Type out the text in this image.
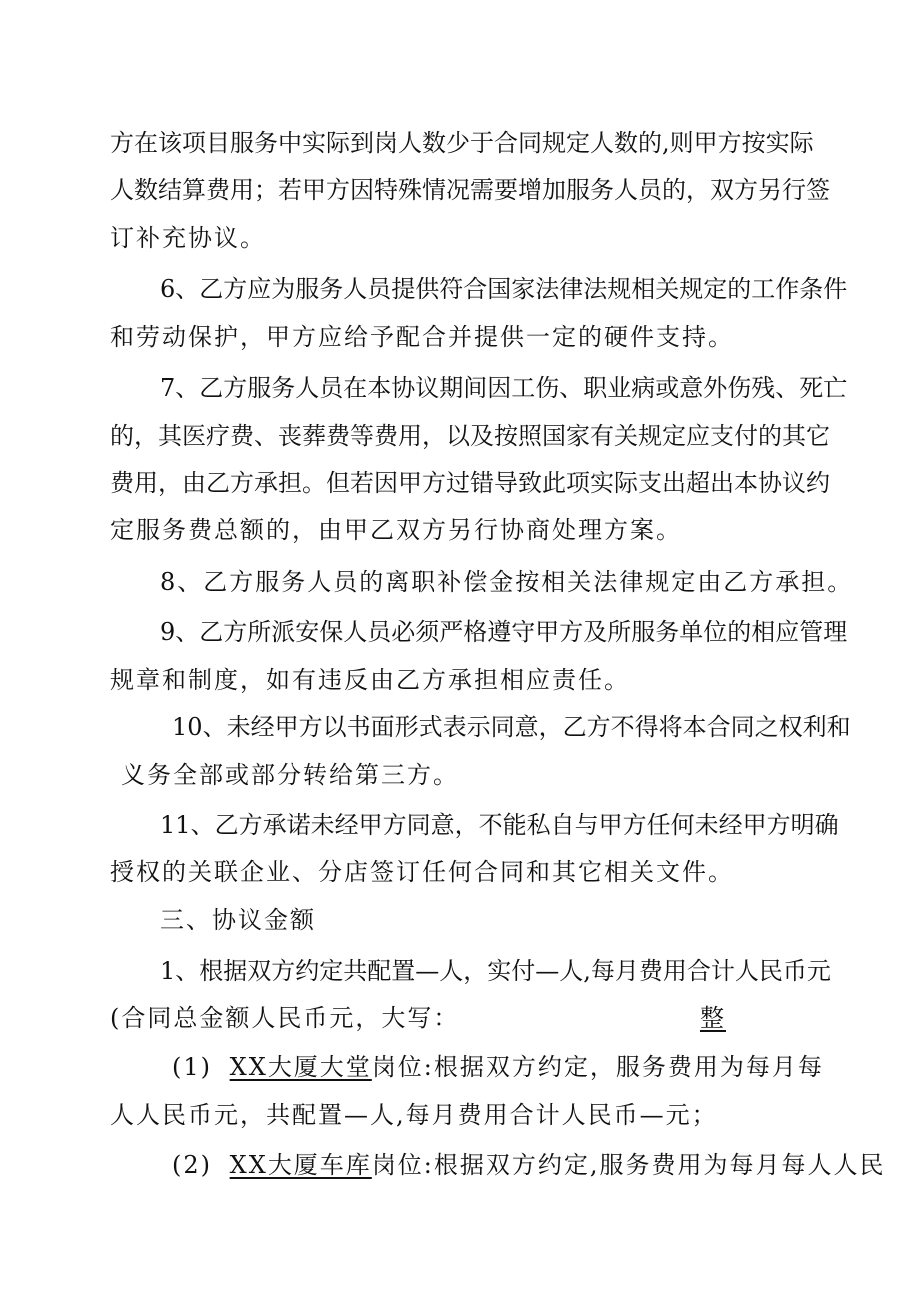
方 在 该 项 目 服 务 中 实 际 到 岗 人 数 少 于 合 同 规 定 人 数 的 , 则 甲 方 按 实 际
人 数 结 算 费 用 ； 若 甲 方 因 特 殊 情 况 需 要 增 加 服 务 人 员 的 ， 双 方 另 行 签
订补充协议。
6 、 乙 方 应 为 服 务 人 员 提 供 符 合 国 家 法 律 法 规 相 关 规 定 的 工 作 条 件
和劳动保护，甲方应给予配合并提供一定的硬件支持。
7 、 乙 方 服 务 人 员 在 本 协 议 期 间 因 工 伤 、 职 业 病 或 意 外 伤 残 、 死 亡
的 ， 其 医 疗 费 、 丧 葬 费 等 费 用 ， 以 及 按 照 国 家 有 关 规 定 应 支 付 的 其 它
费 用 ， 由 乙 方 承 担 。 但 若 因 甲 方 过 错 导 致 此 项 实 际 支 出 超 出 本 协 议 约
定服务费总额的，由甲乙双方另行协商处理方案。
8、乙方服务人员的离职补偿金按相关法律规定由乙方承担。
9 、 乙 方 所 派 安 保 人 员 必 须 严 格 遵 守 甲 方 及 所 服 务 单 位 的 相 应 管 理
规章和制度，如有违反由乙方承担相应责任。
1 0 、 未 经 甲 方 以 书 面 形 式 表 示 同 意 ， 乙 方 不 得 将 本 合 同 之 权 利 和
义务全部或部分转给第三方。
1 1 、 乙 方 承 诺 未 经 甲 方 同 意 ， 不 能 私 自 与 甲 方 任 何 未 经 甲 方 明 确
授权的关联企业、分店签订任何合同和其它相关文件。
三、协议金额
1 、 根 据 双 方 约 定 共 配 置 — 人 ， 实 付 — 人 , 每 月 费 用 合 计 人 民 币 元
(合同总金额人民币元，大写：	整
(1) XX大厦大堂岗位:根据双方约定，服务费用为每月每
人人民币元，共配置—人,每月费用合计人民币—元；
(2) XX大厦车库岗位:根据双方约定,服务费用为每月每人人民
